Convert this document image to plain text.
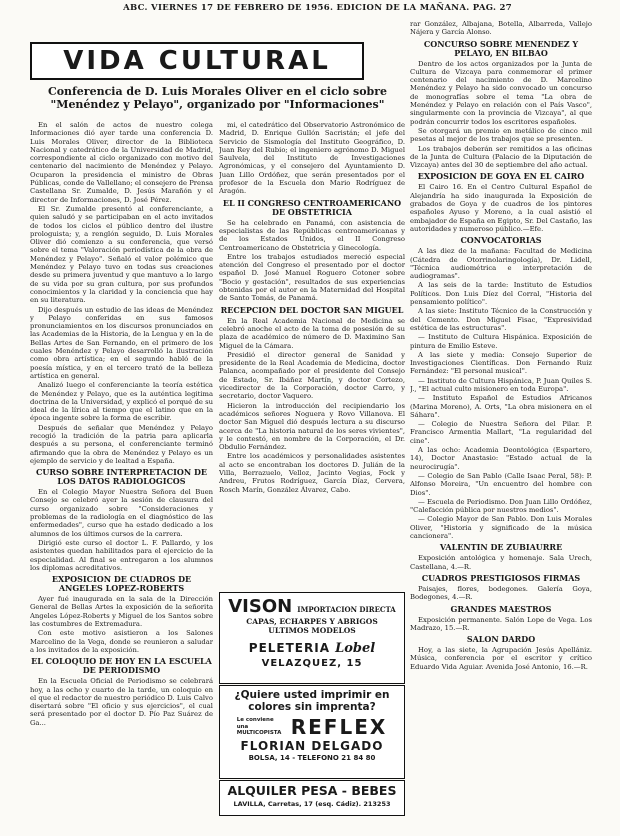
ABC. VIERNES 17 DE FEBRERO DE 1956. EDICION DE LA MAÑANA. PAG. 27
VIDA CULTURAL
Conferencia de D. Luis Morales Oliver en el ciclo sobre "Menéndez y Pelayo", organizado por "Informaciones"

En el salón de actos de nuestro colega Informaciones dió ayer tarde una conferencia D. Luis Morales Oliver, director de la Biblioteca Nacional y catedrático de la Universidad de Madrid, correspondiente al ciclo organizado con motivo del centenario del nacimiento de Menéndez y Pelayo. Ocuparon la presidencia el ministro de Obras Públicas, conde de Vallellano; el consejero de Prensa Castellana Sr. Zumalde, D. Jesús Marañón y el director de Informaciones, D. José Pérez.

El Sr. Zumalde presentó al conferenciante, a quien saludó y se participaban en el acto invitados de todos los ciclos el público dentro del ilustre prologuista; y, a renglón seguido, D. Luis Morales Oliver dió comienzo a su conferencia, que versó sobre el tema "Valoración periodística de la obra de Menéndez y Pelayo". Señaló el valor polémico que Menéndez y Pelayo tuvo en todas sus creaciones desde su primera juventud y que mantuvo a lo largo de su vida por su gran cultura, por sus profundos conocimientos y la claridad y la conciencia que hay en su literatura.

Dijo después un estudio de las ideas de Menéndez y Pelayo conferidas en sus famosos pronunciamientos en los discursos pronunciados en las Academias de la Historia, de la Lengua y en la de Bellas Artes de San Fernando, en el primero de los cuales Menéndez y Pelayo desarrolló la ilustración como obra artística; en el segundo habló de la poesía mística, y en el tercero trató de la belleza artística en general.

Analizó luego el conferenciante la teoría estética de Menéndez y Pelayo, que es la auténtica legitima doctrina de la Universidad, y explicó el porqué de su ideal de la lírica al tiempo que el latino que en la época ingente sobre la forma de escribir.

Después de señalar que Menéndez y Pelayo recogió la tradición de la patria para aplicarla después a su persona, el conferenciante terminó afirmando que la obra de Menéndez y Pelayo es un ejemplo de servicio y de lealtad a España.

CURSO SOBRE INTERPRETACION DE LOS DATOS RADIOLOGICOS

En el Colegio Mayor Nuestra Señora del Buen Consejo se celebró ayer la sesión de clausura del curso organizado sobre "Consideraciones y problemas de la radiología en el diagnóstico de las enfermedades", curso que ha estado dedicado a los alumnos de los últimos cursos de la carrera.

Dirigió este curso el doctor L. F. Pallardo, y los asistentes quedan habilitados para el ejercicio de la especialidad. Al final se entregaron a los alumnos los diplomas acreditativos.

EXPOSICION DE CUADROS DE ANGELES LOPEZ-ROBERTS

Ayer fué inaugurada en la sala de la Dirección General de Bellas Artes la exposición de la señorita Angeles López-Roberts y Miguel de los Santos sobre las costumbres de Extremadura.

Con este motivo asistieron a los Salones Marcelino de la Vega, donde se reunieron a saludar a los invitados de la exposición.

EL COLOQUIO DE HOY EN LA ESCUELA DE PERIODISMO

En la Escuela Oficial de Periodismo se celebrará hoy, a las ocho y cuarto de la tarde, un coloquio en el que el redactor de nuestro periódico D. Luis Calvo disertará sobre "El oficio y sus ejercicios", el cual será presentado por el doctor D. Pío Paz Suárez de Ga...

mi, el catedrático del Observatorio Astronómico de Madrid, D. Enrique Gullón Sacristán; el jefe del Servicio de Sismología del Instituto Geográfico, D. Juan Rey del Rubio; el ingeniero agrónomo D. Miguel Saulvela, del Instituto de Investigaciones Agronómicas, y el consejero del Ayuntamiento D. Juan Lillo Ordóñez, que serán presentados por el profesor de la Escuela don Mario Rodríguez de Aragón.

EL II CONGRESO CENTROAMERICANO DE OBSTETRICIA

Se ha celebrado en Panamá, con asistencia de especialistas de las Repúblicas centroamericanas y de los Estados Unidos, el II Congreso Centroamericano de Obstetricia y Ginecología.

Entre los trabajos estudiados mereció especial atención del Congreso el presentado por el doctor español D. José Manuel Roguero Cotoner sobre "Bocio y gestación", resultados de sus experiencias obtenidas por el autor en la Maternidad del Hospital de Santo Tomás, de Panamá.

RECEPCION DEL DOCTOR SAN MIGUEL

En la Real Academia Nacional de Medicina se celebró anoche el acto de la toma de posesión de su plaza de académico de número de D. Maximino San Miguel de la Cámara.

Presidió el director general de Sanidad y presidente de la Real Academia de Medicina, doctor Palanca, acompañado por el presidente del Consejo de Estado, Sr. Ibáñez Martín, y doctor Cortezo, vicedirector de la Corporación, doctor Carro, y secretario, doctor Vaquero.

Hicieron la introducción del recipiendario los académicos señores Noguera y Rovo Villanova. El doctor San Miguel dió después lectura a su discurso acerca de "La historia natural de los seres vivientes", y le contestó, en nombre de la Corporación, el Dr. Obdulio Fernández.

Entre los académicos y personalidades asistentes al acto se encontraban los doctores D. Julián de la Villa, Berrazuelo, Velloz, Jacinto Vegias, Fock y Andreu, Frutos Rodríguez, García Díaz, Cervera, Rosch Marín, González Álvarez, Cabo.

VISON IMPORTACION DIRECTA
CAPAS, ECHARPES Y ABRIGOS
ULTIMOS MODELOS
PELETERIA Lobel
VELAZQUEZ, 15
¿Quiere usted imprimir en
colores sin imprenta?
Le conviene una MULTICOPISTA REFLEX
FLORIAN DELGADO
BOLSA, 14 - TELEFONO 21 84 80
ALQUILER PESA - BEBES
LAVILLA, Carretas, 17 (esq. Cádiz). 213253

rar González, Albajana, Botella, Albarreda, Vallejo Nájera y García Alonso.

CONCURSO SOBRE MENENDEZ Y PELAYO, EN BILBAO

Dentro de los actos organizados por la Junta de Cultura de Vizcaya para conmemorar el primer centenario del nacimiento de D. Marcelino Menéndez y Pelayo ha sido convocado un concurso de monografías sobre el tema "La obra de Menéndez y Pelayo en relación con el País Vasco", singularmente con la provincia de Vizcaya", al que podrán concurrir todos los escritores españoles.

Se otorgará un premio en metálico de cinco mil pesetas al mejor de los trabajos que se presenten.

Los trabajos deberán ser remitidos a las oficinas de la Junta de Cultura (Palacio de la Diputación de Vizcaya) antes del 30 de septiembre del año actual.

EXPOSICION DE GOYA EN EL CAIRO

El Cairo 16. En el Centro Cultural Español de Alejandría ha sido inaugurada la Exposición de grabados de Goya y de cuadros de los pintores españoles Ayuso y Moreno, a la cual asistió el embajador de España en Egipto, Sr. Del Castaño, las autoridades y numeroso público.—Efe.

CONVOCATORIAS

A las diez de la mañana: Facultad de Medicina (Cátedra de Otorrinolaringología), Dr. Lidell, "Técnica audiométrica e interpretación de audiogramas".

A las seis de la tarde: Instituto de Estudios Políticos. Don Luis Díez del Corral, "Historia del pensamiento político".

A las siete: Instituto Técnico de la Construcción y del Cemento. Don Miguel Fisac, "Expresividad estética de las estructuras".

— Instituto de Cultura Hispánica. Exposición de pintura de Emilio Esteve.

A las siete y media: Consejo Superior de Investigaciones Científicas. Don Fernando Ruiz Fernández: "El personal musical".

— Instituto de Cultura Hispánica, P. Juan Quiles S. J., "El actual culto misionero en toda Europa".

— Instituto Español de Estudios Africanos (Marina Moreno), A. Orts, "La obra misionera en el Sáhara".

— Colegio de Nuestra Señora del Pilar. P. Francisco Armentia Mallart, "La regularidad del cine".

A las ocho: Academia Deontológica (Espartero, 14), Doctor Anastasio: "Estado actual de la neurocirugía".

— Colegio de San Pablo (Calle Isaac Peral, 58): P. Alfonso Moreira, "Un encuentro del hombre con Dios".

— Escuela de Periodismo. Don Juan Lillo Ordóñez, "Calefacción pública por nuestros medios".

— Colegio Mayor de San Pablo. Don Luis Morales Oliver, "Historia y significado de la música cancionera".

VALENTIN DE ZUBIAURRE

Exposición antológica y homenaje. Sala Urech, Castellana, 4.—R.

CUADROS PRESTIGIOSOS FIRMAS

Paisajes, flores, bodegones. Galería Goya, Bodegones, 4.—R.

GRANDES MAESTROS

Exposición permanente. Salón Lope de Vega. Los Madrazo, 15.—R.

SALON DARDO

Hoy, a las siete, la Agrupación Jesús Apellániz. Música, conferencia por el escritor y crítico Eduardo Vida Aguiar. Avenida José Antonio, 16.—R.
